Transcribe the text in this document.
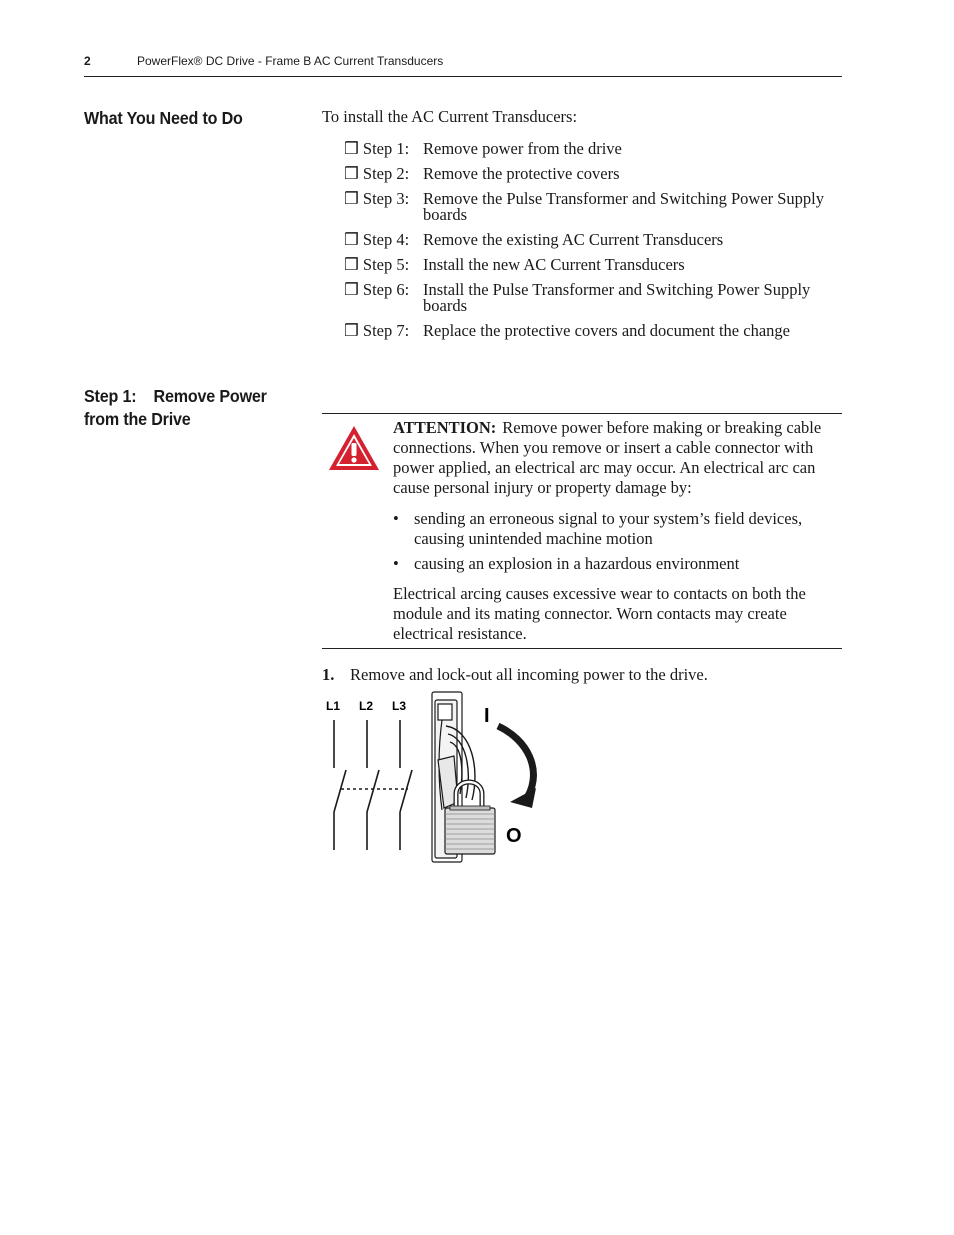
2	PowerFlex® DC Drive - Frame B AC Current Transducers
What You Need to Do	To install the AC Current Transducers:
❒ Step 1: Remove power from the drive
❒ Step 2: Remove the protective covers
❒ Step 3: Remove the Pulse Transformer and Switching Power Supply boards
❒ Step 4: Remove the existing AC Current Transducers
❒ Step 5: Install the new AC Current Transducers
❒ Step 6: Install the Pulse Transformer and Switching Power Supply boards
❒ Step 7: Replace the protective covers and document the change
Step 1:    Remove Power
from the Drive	ATTENTION: Remove power before making or breaking cable connections. When you remove or insert a cable connector with power applied, an electrical arc may occur. An electrical arc can cause personal injury or property damage by:

• sending an erroneous signal to your system’s field devices, causing unintended machine motion
• causing an explosion in a hazardous environment

Electrical arcing causes excessive wear to contacts on both the module and its mating connector. Worn contacts may create electrical resistance.

1. Remove and lock-out all incoming power to the drive.
L1 L2 L3	I
O
